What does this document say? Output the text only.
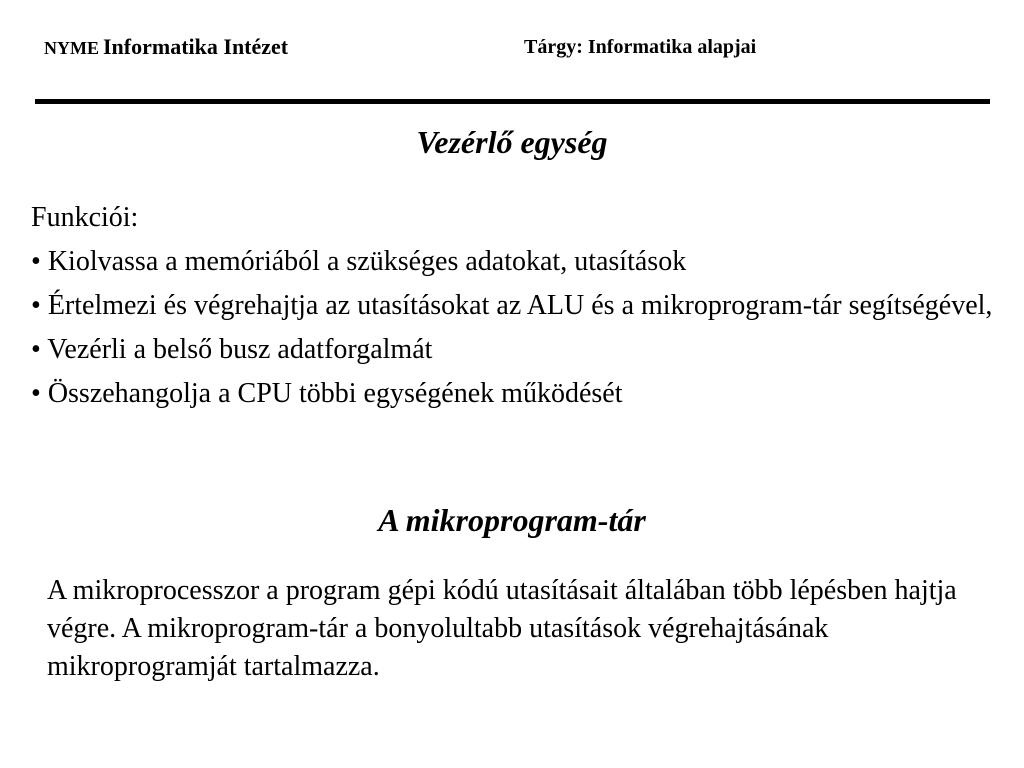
NYME Informatika Intézet	Tárgy: Informatika alapjai
Vezérlő egység
Funkciói:
• Kiolvassa a memóriából a szükséges adatokat, utasítások
• Értelmezi és végrehajtja az utasításokat az ALU és a mikroprogram-tár segítségével,
• Vezérli a belső busz adatforgalmát
• Összehangolja a CPU többi egységének működését
A mikroprogram-tár
A mikroprocesszor a program gépi kódú utasításait általában több lépésben hajtja végre. A mikroprogram-tár a bonyolultabb utasítások végrehajtásának mikroprogramját tartalmazza.
